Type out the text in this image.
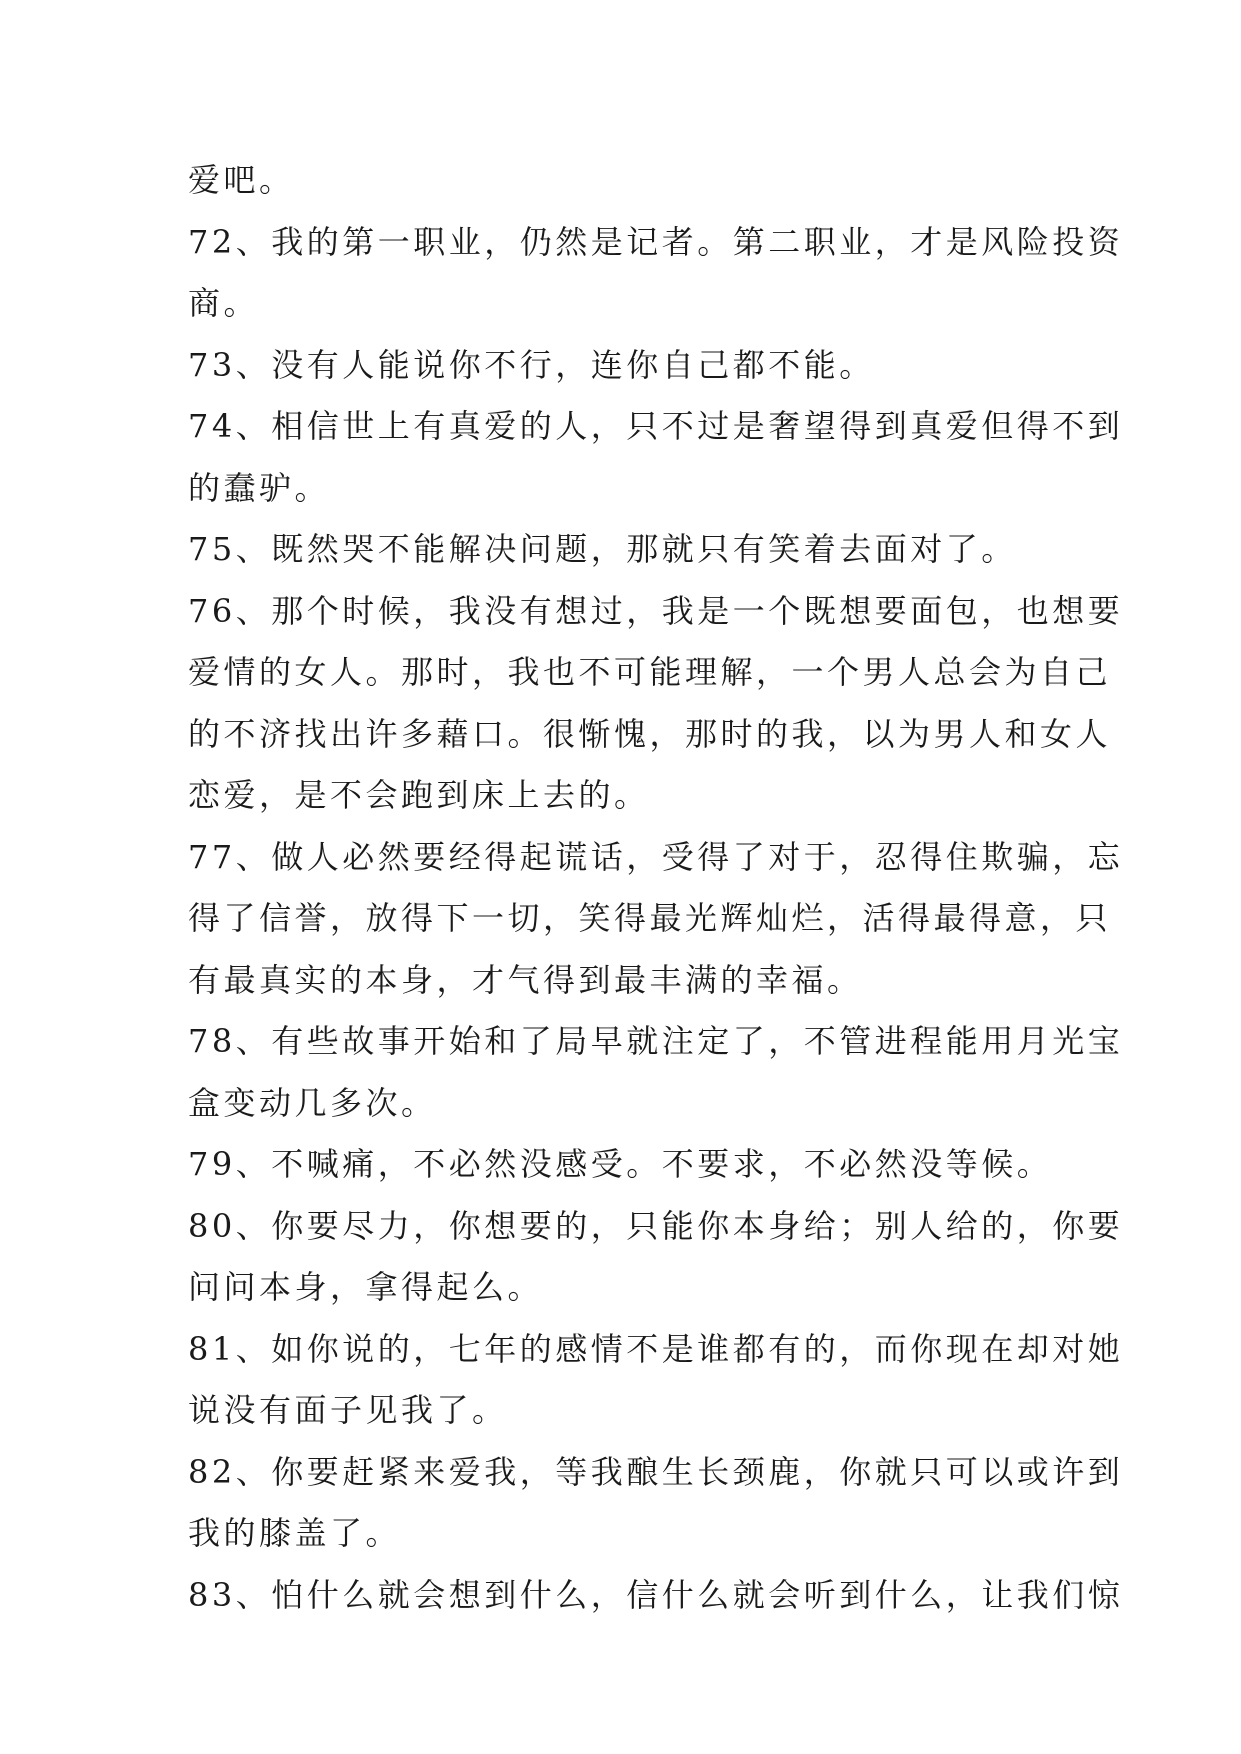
爱吧。
72、我的第一职业，仍然是记者。第二职业，才是风险投资
商。
73、没有人能说你不行，连你自己都不能。
74、相信世上有真爱的人，只不过是奢望得到真爱但得不到
的蠢驴。
75、既然哭不能解决问题，那就只有笑着去面对了。
76、那个时候，我没有想过，我是一个既想要面包，也想要
爱情的女人。那时，我也不可能理解，一个男人总会为自己
的不济找出许多藉口。很惭愧，那时的我，以为男人和女人
恋爱，是不会跑到床上去的。
77、做人必然要经得起谎话，受得了对于，忍得住欺骗，忘
得了信誉，放得下一切，笑得最光辉灿烂，活得最得意，只
有最真实的本身，才气得到最丰满的幸福。
78、有些故事开始和了局早就注定了，不管进程能用月光宝
盒变动几多次。
79、不喊痛，不必然没感受。不要求，不必然没等候。
80、你要尽力，你想要的，只能你本身给；别人给的，你要
问问本身，拿得起么。
81、如你说的，七年的感情不是谁都有的，而你现在却对她
说没有面子见我了。
82、你要赶紧来爱我，等我酿生长颈鹿，你就只可以或许到
我的膝盖了。
83、怕什么就会想到什么，信什么就会听到什么，让我们惊
